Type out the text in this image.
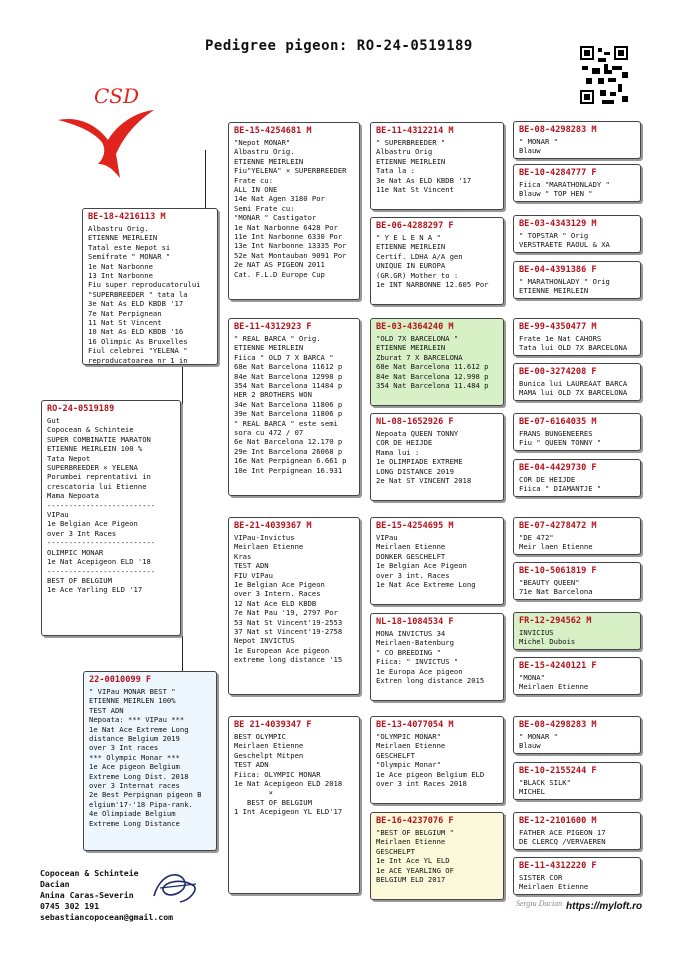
Pedigree pigeon: RO-24-0519189
CSD
RO-24-0519189
Gut
Copocean & Schinteie
SUPER COMBINATIE MARATON
ETIENNE MEIRLEIN 100 %
Tata Nepot
SUPERBREEDER × YELENA
Porumbei reprentativi in
crescatoria lui Etienne
Mama Nepoata
-------------------------
VIPau
1e Belgian Ace Pigeon
over 3 Int Races
-------------------------
OLIMPIC MONAR
1e Nat Acepigeon ELD '18
-------------------------
BEST OF BELGIUM
1e Ace Yarling ELD '17
BE-18-4216113 M
Albastru Orig.
ETIENNE MEIRLEIN
Tatal este Nepot si
Semifrate " MONAR "
1e Nat Narbonne
13 Int Narbonne
Fiu super reproducatorului
"SUPERBREEDER " tata la
3e Nat As ELD KBDB '17
7e Nat Perpignean
11 Nat St Vincent
10 Nat As ELD KBDB '16
16 Olimpic As Bruxelles
Fiul celebrei "YELENA "
reproducatoarea nr 1 in
22-0010099 F
" VIPau MONAR BEST "
ETIENNE MEIRLEN 100%
TEST ADN
Nepoata: *** VIPau ***
1e Nat Ace Extreme Long
distance Belgium 2019
over 3 Int races
*** Olympic Monar ***
1e Ace pigeon Belgium
Extreme Long Dist. 2018
over 3 Internat races
2e Best Perpignan pigeon B
elgium'17-'18 Pipa-rank.
4e Olimpiade Belgium
Extreme Long Distance
BE-15-4254681 M
"Nepot MONAR"
Albastru Orig.
ETIENNE MEIRLEIN
Fiu"YELENA" × SUPERBREEDER
Frate cu:
ALL IN ONE
14e Nat Agen 3180 Por
Semi Frate cu:
"MONAR " Castigator
1e Nat Narbonne 6428 Por
11e Int Narbonne 6330 Por
13e Int Narbonne 13335 Por
52e Nat Montauban 9091 Por
2e NAT AS PIGEON 2011
Cat. F.L.D Europe Cup
BE-11-4312923 F
" REAL BARCA " Orig.
ETIENNE MEIRLEIN
Fiica " OLD 7 X BARCA "
68e Nat Barcelona 11612 p
84e Nat Barcelona 12998 p
354 Nat Barcelona 11484 p
HER 2 BROTHERS WON
34e Nat Barcelona 11806 p
39e Nat Barcelona 11806 p
" REAL BARCA " este semi
sora cu 472 / 07
6e Nat Barcelona 12.170 p
29e Int Barcelona 26068 p
16e Nat Perpignean 6.661 p
10e Int Perpignean 16.931
BE-21-4039367 M
VIPau-Invictus
Meirlaen Etienne
Kras
TEST ADN
FIU VIPau
1e Belgian Ace Pigeon
over 3 Intern. Races
12 Nat Ace ELD KBDB
7e Nat Pau '19, 2797 Por
53 Nat St Vincent'19-2553
37 Nat st Vincent'19-2758
Nepot INVICTUS
1e European Ace pigeon
extreme long distance '15
BE 21-4039347 F
BEST OLYMPIC
Meirlaen Etienne
Geschelpt Mitpen
TEST ADN
Fiica: OLYMPIC MONAR
1e Nat Acepigeon ELD 2018
×
BEST OF BELGIUM
1 Int Acepigeon YL ELD'17
BE-11-4312214 M
" SUPERBREEDER "
Albastru Orig
ETIENNE MEIRLEIN
Tata la :
3e Nat As ELD KBDB '17
11e Nat St Vincent
BE-06-4288297 F
" Y E L E N A "
ETIENNE MEIRLEIN
Certif. LDHA A/A gen
UNIQUE IN EUROPA
(GR.GR) Mother to :
1e INT NARBONNE 12.605 Por
BE-03-4364240 M
"OLD 7X BARCELONA "
ETIENNE MEIRLEIN
Zburat 7 X BARCELONA
68e Nat Barcelona 11.612 p
84e Nat Barcelona 12.998 p
354 Nat Barcelona 11.484 p
NL-08-1652926 F
Nepoata QUEEN TONNY
COR DE HEIJDE
Mama lui :
1e OLIMPIADE EXTREME
LONG DISTANCE 2019
2e Nat ST VINCENT 2018
BE-15-4254695 M
VIPau
Meirlaen Etienne
DONKER GESCHELFT
1e Belgian Ace Pigeon
over 3 int. Races
1e Nat Ace Extreme Long
NL-18-1084534 F
MONA INVICTUS 34
Meirlaen-Batenburg
" CO BREEDING "
Fiica: " INVICTUS "
1e Europa Ace pigeon
Extren long distance 2015
BE-13-4077054 M
"OLYMPIC MONAR"
Meirlaen Etienne
GESCHELFT
"Olympic Monar"
1e Ace pigeon Belgium ELD
over 3 int Races 2018
BE-16-4237076 F
"BEST OF BELGIUM "
Meirlaen Etienne
GESCHELPT
1e Int Ace YL ELD
1e ACE YEARLING OF
BELGIUM ELD 2017
BE-08-4298283 M
" MONAR "
Blauw
BE-10-4284777 F
Fiica "MARATHONLADY "
Blauw " TOP HEN "
BE-03-4343129 M
" TOPSTAR " Orig
VERSTRAETE RAOUL & XA
BE-04-4391386 F
" MARATHONLADY " Orig
ETIENNE MEIRLEIN
BE-99-4350477 M
Frate 1e Nat CAHORS
Tata lui OLD 7X BARCELONA
BE-00-3274208 F
Bunica lui LAUREAAT BARCA
MAMA lui OLD 7X BARCELONA
BE-07-6164035 M
FRANS BUNGENEERES
Fiu " QUEEN TONNY "
BE-04-4429730 F
COR DE HEIJDE
Fiica " DIAMANTJE "
BE-07-4278472 M
"DE 472"
Meir laen Etienne
BE-10-5061819 F
"BEAUTY QUEEN"
71e Nat Barcelona
FR-12-294562 M
INVICIUS
Michel Dubois
BE-15-4240121 F
"MONA"
Meirlaen Etienne
BE-08-4298283 M
" MONAR "
Blauw
BE-10-2155244 F
"BLACK SILK"
MICHEL
BE-12-2101600 M
FATHER ACE PIGEON 17
DE CLERCQ /VERVAEREN
BE-11-4312220 F
SISTER COR
Meirlaen Etienne
Copocean & Schinteie
Dacian
Anina Caras-Severin
0745 302 191
sebastiancopocean@gmail.com
Sergiu Dacian https://myloft.ro
